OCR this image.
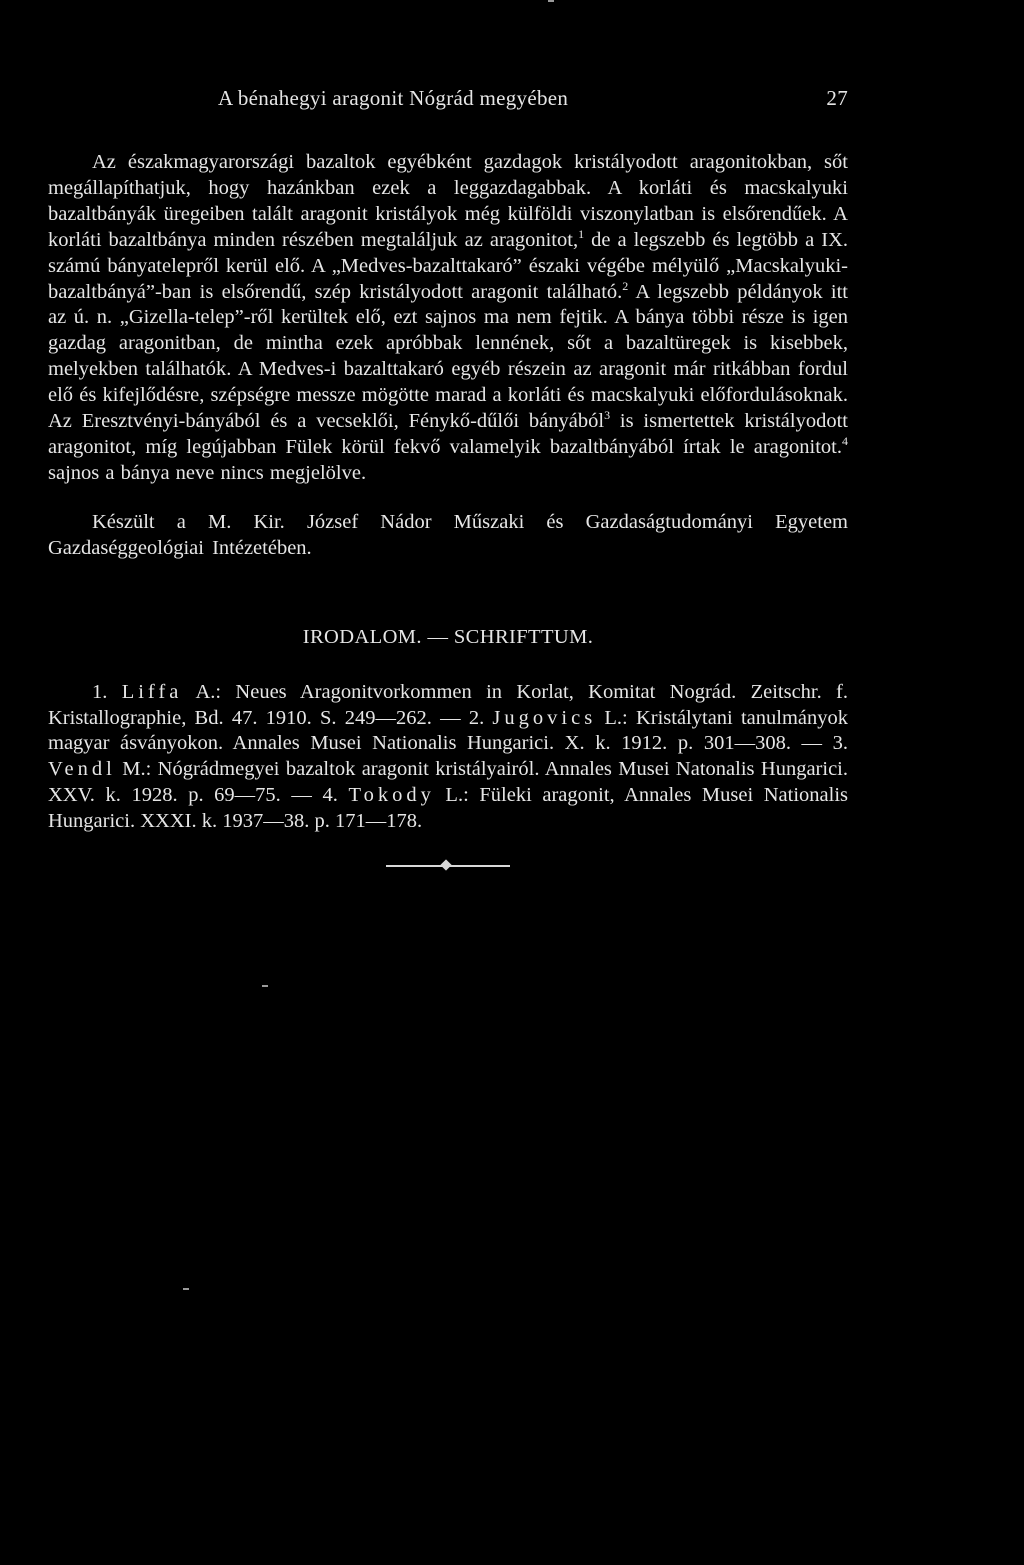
A bénahegyi aragonit Nógrád megyében	27

Az északmagyarországi bazaltok egyébként gazdagok kristályodott aragonitokban, sőt megállapíthatjuk, hogy hazánkban ezek a leggazdagabbak. A korláti és macskalyuki bazaltbányák üregeiben talált aragonit kristályok még külföldi viszonylatban is elsőrendűek. A korláti bazaltbánya minden részében megtaláljuk az aragonitot,$^1$ de a legszebb és legtöbb a IX. számú bányatelepről kerül elő. A „Medves-bazalttakaró” északi végébe mélyülő „Macskalyuki-bazaltbányá”-ban is elsőrendű, szép kristályodott aragonit található.$^2$ A legszebb példányok itt az ú. n. „Gizella-telep”-ről kerültek elő, ezt sajnos ma nem fejtik. A bánya többi része is igen gazdag aragonitban, de mintha ezek apróbbak lennének, sőt a bazaltüregek is kisebbek, melyekben találhatók. A Medves-i bazalttakaró egyéb részein az aragonit már ritkábban fordul elő és kifejlődésre, szépségre messze mögötte marad a korláti és macskalyuki előfordulásoknak. Az Eresztvényi-bányából és a vecseklői, Fénykő-dűlői bányából$^3$ is ismertettek kristályodott aragonitot, míg legújabban Fülek körül fekvő valamelyik bazaltbányából írtak le aragonitot.$^4$ sajnos a bánya neve nincs megjelölve.

Készült a M. Kir. József Nádor Műszaki és Gazdaságtudományi Egyetem Gazdaséggeológiai Intézetében.

IRODALOM. — SCHRIFTTUM.

1. Liffa A.: Neues Aragonitvorkommen in Korlat, Komitat Nográd. Zeitschr. f. Kristallographie, Bd. 47. 1910. S. 249—262. — 2. Jugovics L.: Kristálytani tanulmányok magyar ásványokon. Annales Musei Nationalis Hungarici. X. k. 1912. p. 301—308. — 3. Vendl M.: Nógrádmegyei bazaltok aragonit kristályairól. Annales Musei Natonalis Hungarici. XXV. k. 1928. p. 69—75. — 4. Tokody L.: Füleki aragonit, Annales Musei Nationalis Hungarici. XXXI. k. 1937—38. p. 171—178.
